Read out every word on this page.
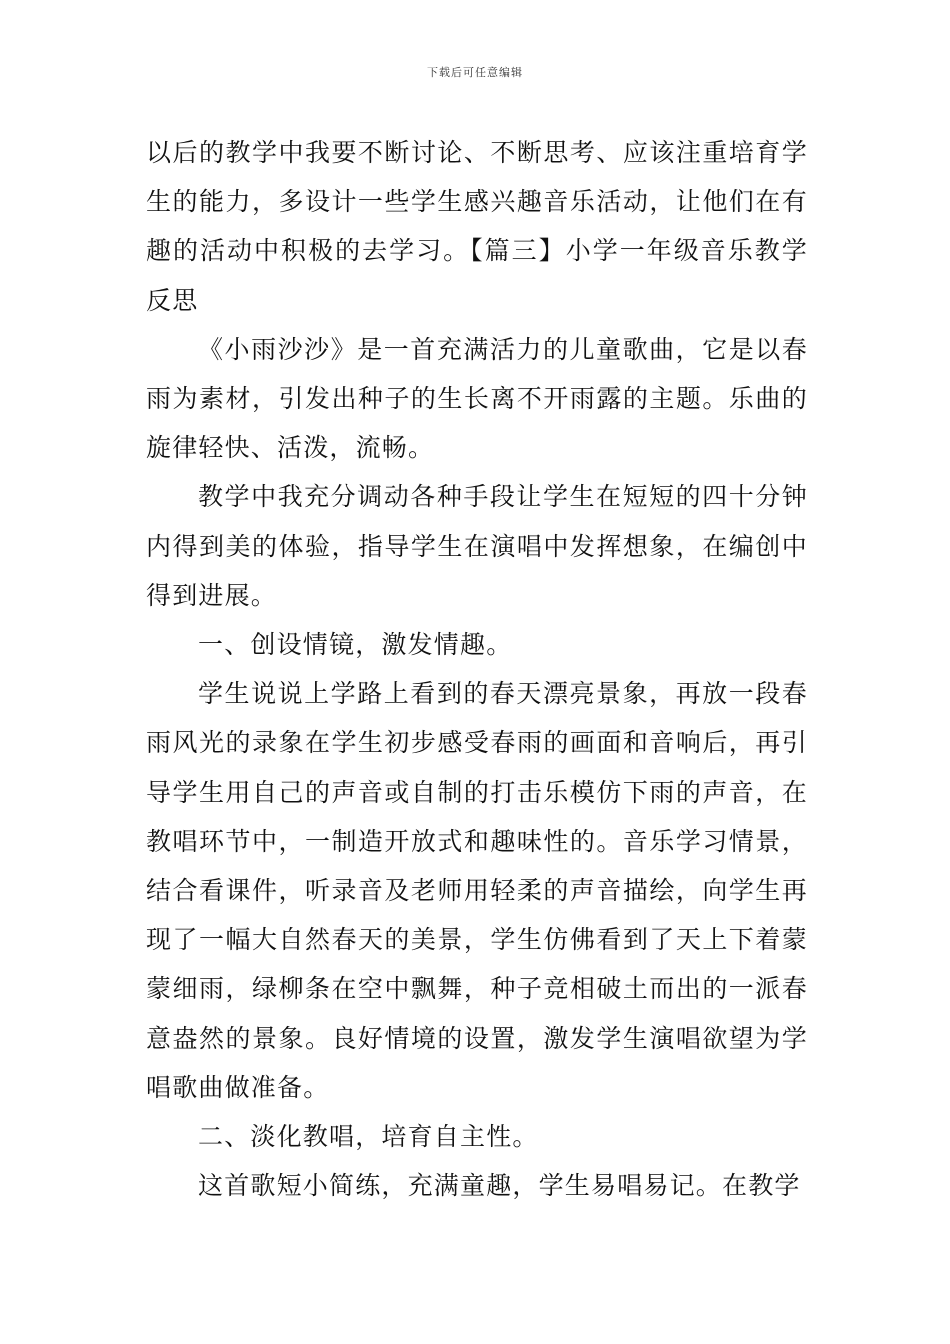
下载后可任意编辑

以后的教学中我要不断讨论、不断思考、应该注重培育学生的能力，多设计一些学生感兴趣音乐活动，让他们在有趣的活动中积极的去学习。【篇三】小学一年级音乐教学反思

《小雨沙沙》是一首充满活力的儿童歌曲，它是以春雨为素材，引发出种子的生长离不开雨露的主题。乐曲的旋律轻快、活泼，流畅。

教学中我充分调动各种手段让学生在短短的四十分钟内得到美的体验，指导学生在演唱中发挥想象，在编创中得到进展。

一、创设情镜，激发情趣。

学生说说上学路上看到的春天漂亮景象，再放一段春雨风光的录象在学生初步感受春雨的画面和音响后，再引导学生用自己的声音或自制的打击乐模仿下雨的声音，在教唱环节中，一制造开放式和趣味性的。音乐学习情景，结合看课件，听录音及老师用轻柔的声音描绘，向学生再现了一幅大自然春天的美景，学生仿佛看到了天上下着蒙蒙细雨，绿柳条在空中飘舞，种子竞相破土而出的一派春意盎然的景象。良好情境的设置，激发学生演唱欲望为学唱歌曲做准备。

二、淡化教唱，培育自主性。

这首歌短小简练，充满童趣，学生易唱易记。在教学
